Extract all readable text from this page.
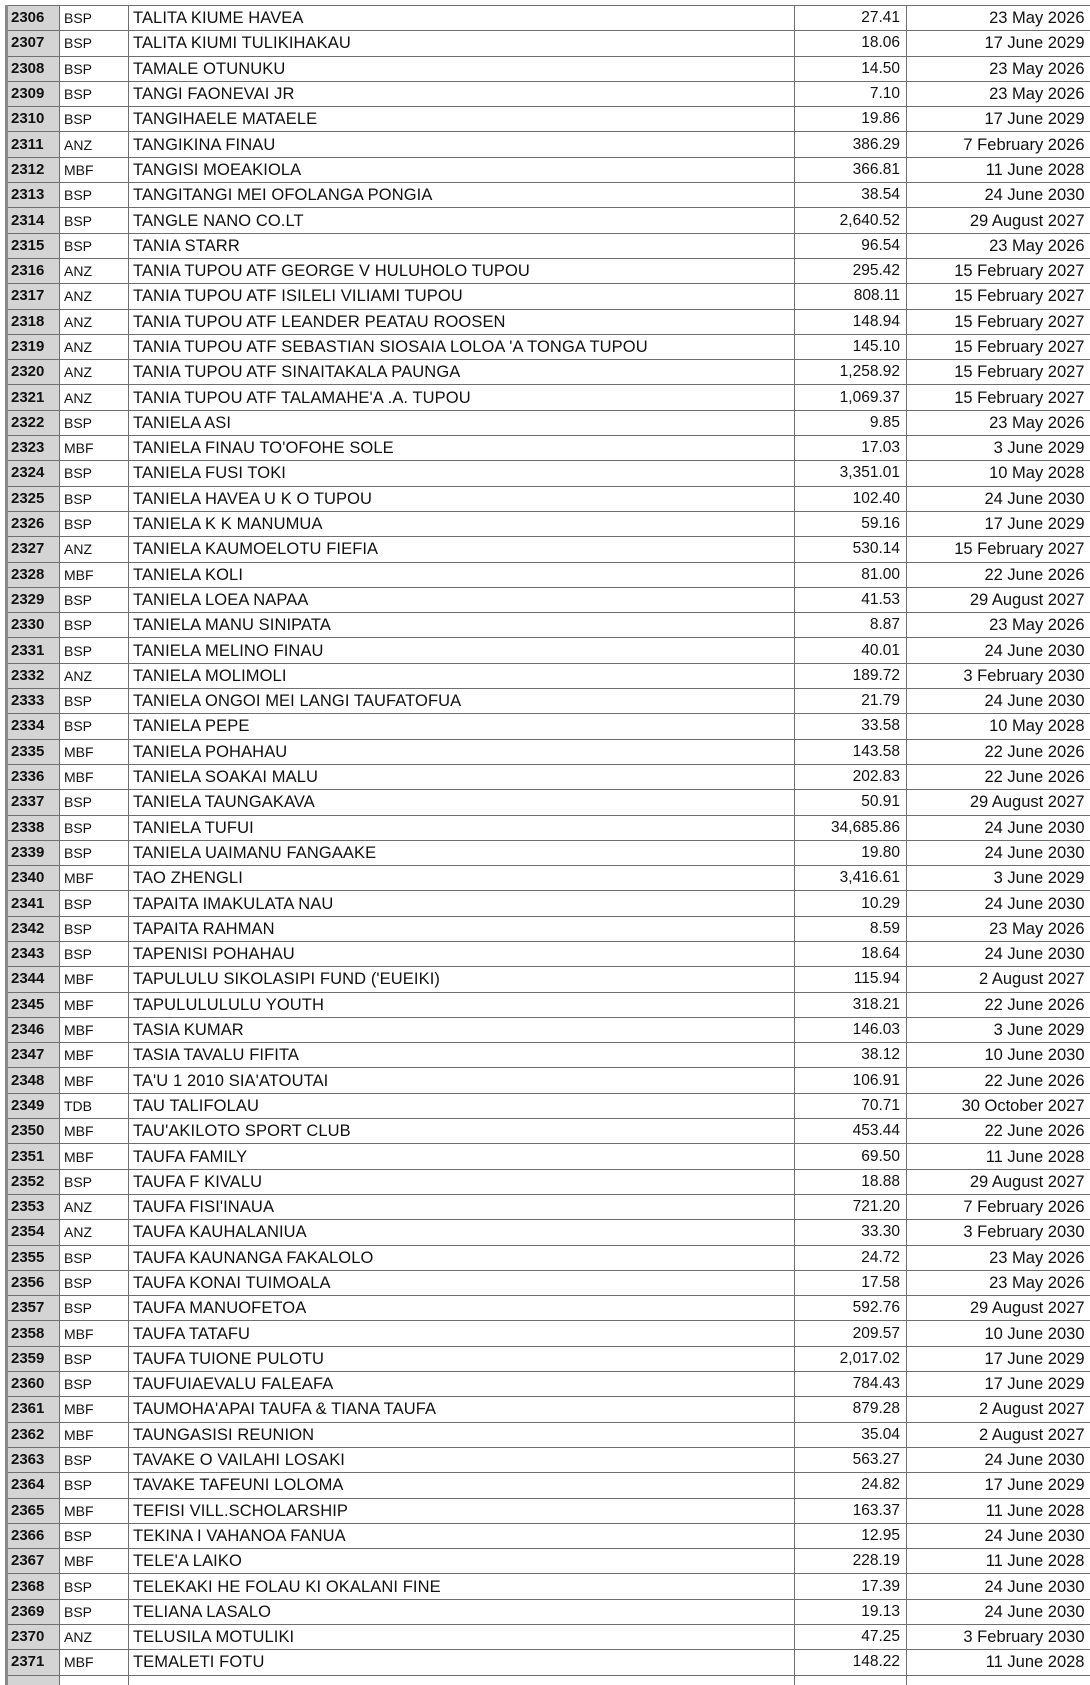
2306	BSP	TALITA KIUME HAVEA	27.41	23 May 2026
2307	BSP	TALITA KIUMI TULIKIHAKAU	18.06	17 June 2029
2308	BSP	TAMALE OTUNUKU	14.50	23 May 2026
2309	BSP	TANGI FAONEVAI JR	7.10	23 May 2026
2310	BSP	TANGIHAELE MATAELE	19.86	17 June 2029
2311	ANZ	TANGIKINA FINAU	386.29	7 February 2026
2312	MBF	TANGISI MOEAKIOLA	366.81	11 June 2028
2313	BSP	TANGITANGI MEI OFOLANGA PONGIA	38.54	24 June 2030
2314	BSP	TANGLE NANO CO.LT	2,640.52	29 August 2027
2315	BSP	TANIA STARR	96.54	23 May 2026
2316	ANZ	TANIA TUPOU ATF GEORGE V HULUHOLO TUPOU	295.42	15 February 2027
2317	ANZ	TANIA TUPOU ATF ISILELI VILIAMI TUPOU	808.11	15 February 2027
2318	ANZ	TANIA TUPOU ATF LEANDER PEATAU ROOSEN	148.94	15 February 2027
2319	ANZ	TANIA TUPOU ATF SEBASTIAN SIOSAIA LOLOA 'A TONGA TUPOU	145.10	15 February 2027
2320	ANZ	TANIA TUPOU ATF SINAITAKALA PAUNGA	1,258.92	15 February 2027
2321	ANZ	TANIA TUPOU ATF TALAMAHE'A .A. TUPOU	1,069.37	15 February 2027
2322	BSP	TANIELA ASI	9.85	23 May 2026
2323	MBF	TANIELA FINAU TO'OFOHE SOLE	17.03	3 June 2029
2324	BSP	TANIELA FUSI TOKI	3,351.01	10 May 2028
2325	BSP	TANIELA HAVEA U K O TUPOU	102.40	24 June 2030
2326	BSP	TANIELA K K MANUMUA	59.16	17 June 2029
2327	ANZ	TANIELA KAUMOELOTU FIEFIA	530.14	15 February 2027
2328	MBF	TANIELA KOLI	81.00	22 June 2026
2329	BSP	TANIELA LOEA NAPAA	41.53	29 August 2027
2330	BSP	TANIELA MANU SINIPATA	8.87	23 May 2026
2331	BSP	TANIELA MELINO FINAU	40.01	24 June 2030
2332	ANZ	TANIELA MOLIMOLI	189.72	3 February 2030
2333	BSP	TANIELA ONGOI MEI LANGI TAUFATOFUA	21.79	24 June 2030
2334	BSP	TANIELA PEPE	33.58	10 May 2028
2335	MBF	TANIELA POHAHAU	143.58	22 June 2026
2336	MBF	TANIELA SOAKAI MALU	202.83	22 June 2026
2337	BSP	TANIELA TAUNGAKAVA	50.91	29 August 2027
2338	BSP	TANIELA TUFUI	34,685.86	24 June 2030
2339	BSP	TANIELA UAIMANU FANGAAKE	19.80	24 June 2030
2340	MBF	TAO ZHENGLI	3,416.61	3 June 2029
2341	BSP	TAPAITA IMAKULATA NAU	10.29	24 June 2030
2342	BSP	TAPAITA RAHMAN	8.59	23 May 2026
2343	BSP	TAPENISI POHAHAU	18.64	24 June 2030
2344	MBF	TAPULULU SIKOLASIPI FUND ('EUEIKI)	115.94	2 August 2027
2345	MBF	TAPULULULULU YOUTH	318.21	22 June 2026
2346	MBF	TASIA KUMAR	146.03	3 June 2029
2347	MBF	TASIA TAVALU FIFITA	38.12	10 June 2030
2348	MBF	TA'U 1 2010 SIA'ATOUTAI	106.91	22 June 2026
2349	TDB	TAU TALIFOLAU	70.71	30 October 2027
2350	MBF	TAU'AKILOTO SPORT CLUB	453.44	22 June 2026
2351	MBF	TAUFA FAMILY	69.50	11 June 2028
2352	BSP	TAUFA F KIVALU	18.88	29 August 2027
2353	ANZ	TAUFA FISI'INAUA	721.20	7 February 2026
2354	ANZ	TAUFA KAUHALANIUA	33.30	3 February 2030
2355	BSP	TAUFA KAUNANGA FAKALOLO	24.72	23 May 2026
2356	BSP	TAUFA KONAI TUIMOALA	17.58	23 May 2026
2357	BSP	TAUFA MANUOFETOA	592.76	29 August 2027
2358	MBF	TAUFA TATAFU	209.57	10 June 2030
2359	BSP	TAUFA TUIONE PULOTU	2,017.02	17 June 2029
2360	BSP	TAUFUIAEVALU FALEAFA	784.43	17 June 2029
2361	MBF	TAUMOHA'APAI TAUFA & TIANA TAUFA	879.28	2 August 2027
2362	MBF	TAUNGASISI REUNION	35.04	2 August 2027
2363	BSP	TAVAKE O VAILAHI LOSAKI	563.27	24 June 2030
2364	BSP	TAVAKE TAFEUNI LOLOMA	24.82	17 June 2029
2365	MBF	TEFISI VILL.SCHOLARSHIP	163.37	11 June 2028
2366	BSP	TEKINA I VAHANOA FANUA	12.95	24 June 2030
2367	MBF	TELE'A LAIKO	228.19	11 June 2028
2368	BSP	TELEKAKI HE FOLAU KI OKALANI FINE	17.39	24 June 2030
2369	BSP	TELIANA LASALO	19.13	24 June 2030
2370	ANZ	TELUSILA MOTULIKI	47.25	3 February 2030
2371	MBF	TEMALETI FOTU	148.22	11 June 2028
